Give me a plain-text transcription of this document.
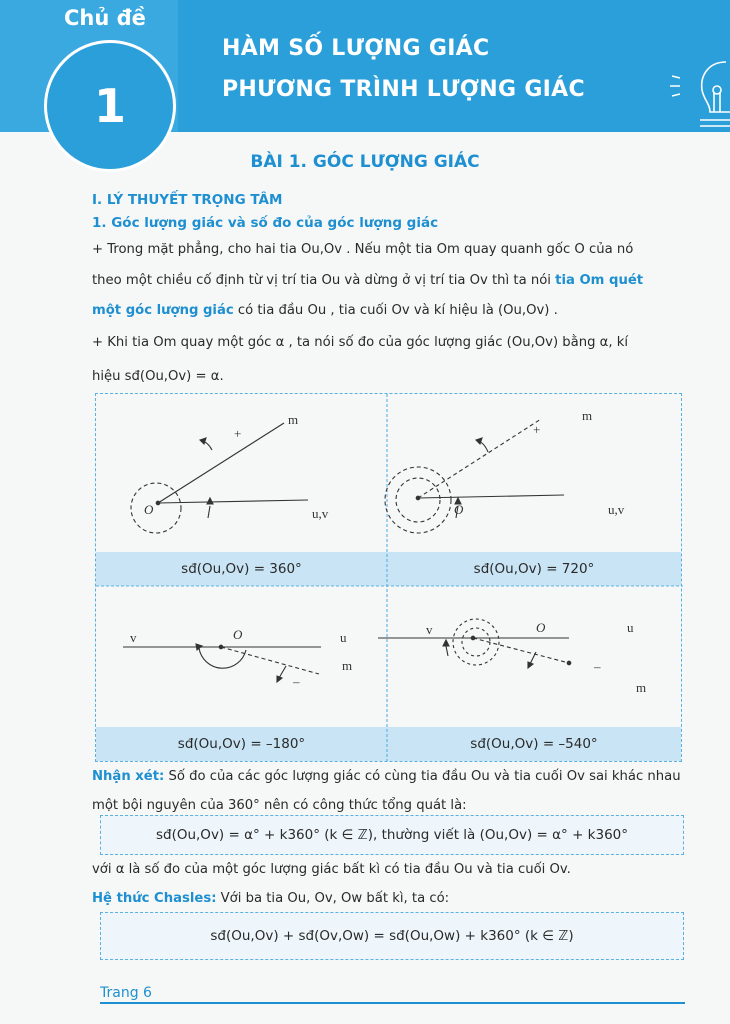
Chủ đề
1
HÀM SỐ LƯỢNG GIÁC
PHƯƠNG TRÌNH LƯỢNG GIÁC
BÀI 1. GÓC LƯỢNG GIÁC
I. LÝ THUYẾT TRỌNG TÂM
1. Góc lượng giác và số đo của góc lượng giác
+ Trong mặt phẳng, cho hai tia Ou,Ov . Nếu một tia Om quay quanh gốc O của nó
theo một chiều cố định từ vị trí tia Ou và dừng ở vị trí tia Ov thì ta nói tia Om quét
một góc lượng giác có tia đầu Ou , tia cuối Ov và kí hiệu là (Ou,Ov) .
+ Khi tia Om quay một góc α , ta nói số đo của góc lượng giác (Ou,Ov) bằng α, kí
hiệu sđ(Ou,Ov) = α.
sđ(Ou,Ov) = 360°	sđ(Ou,Ov) = 720°
sđ(Ou,Ov) = –180°	sđ(Ou,Ov) = –540°
m
+
O	u,v
m
+
O	u,v
v	O	u
m
–
v	O	u
m
–
Nhận xét: Số đo của các góc lượng giác có cùng tia đầu Ou và tia cuối Ov sai khác nhau
một bội nguyên của 360° nên có công thức tổng quát là:
sđ(Ou,Ov) = α° + k360° (k ∈ ℤ), thường viết là (Ou,Ov) = α° + k360°
với α là số đo của một góc lượng giác bất kì có tia đầu Ou và tia cuối Ov.
Hệ thức Chasles: Với ba tia Ou, Ov, Ow bất kì, ta có:
sđ(Ou,Ov) + sđ(Ov,Ow) = sđ(Ou,Ow) + k360° (k ∈ ℤ)
Trang 6
